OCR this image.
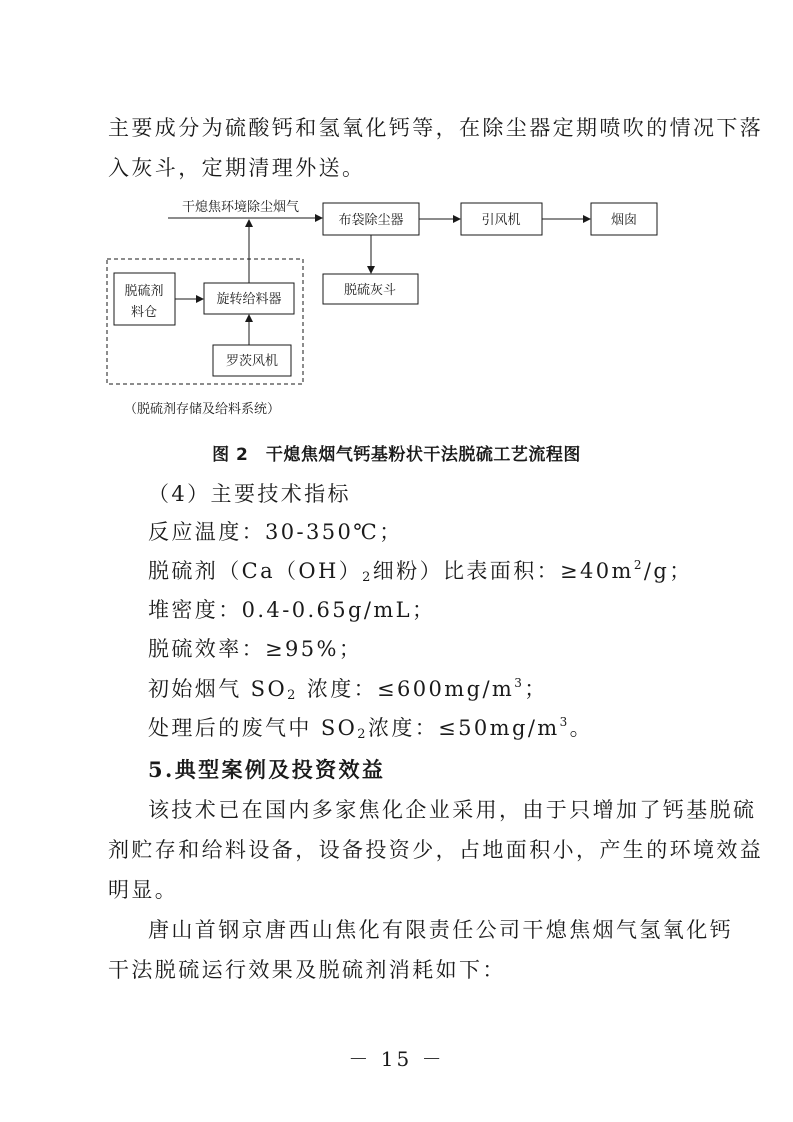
主要成分为硫酸钙和氢氧化钙等，在除尘器定期喷吹的情况下落
入灰斗，定期清理外送。
干熄焦环境除尘烟气
布袋除尘器	引风机	烟囱
脱硫灰斗
脱硫剂
料仓
旋转给料器
罗茨风机
（脱硫剂存储及给料系统）
图 2　干熄焦烟气钙基粉状干法脱硫工艺流程图
（4）主要技术指标
反应温度：30-350℃；
脱硫剂（$Ca(OH)_2$细粉）比表面积：$\ge 40m^2/g$；
堆密度：0.4-0.65g/mL；
脱硫效率：≥95%；
初始烟气 $SO_2$ 浓度：$\le 600mg/m^3$；
处理后的废气中 $SO_2$浓度：$\le 50mg/m^3$。
5.典型案例及投资效益
该技术已在国内多家焦化企业采用，由于只增加了钙基脱硫
剂贮存和给料设备，设备投资少，占地面积小，产生的环境效益
明显。
唐山首钢京唐西山焦化有限责任公司干熄焦烟气氢氧化钙
干法脱硫运行效果及脱硫剂消耗如下：
－ 15 －
